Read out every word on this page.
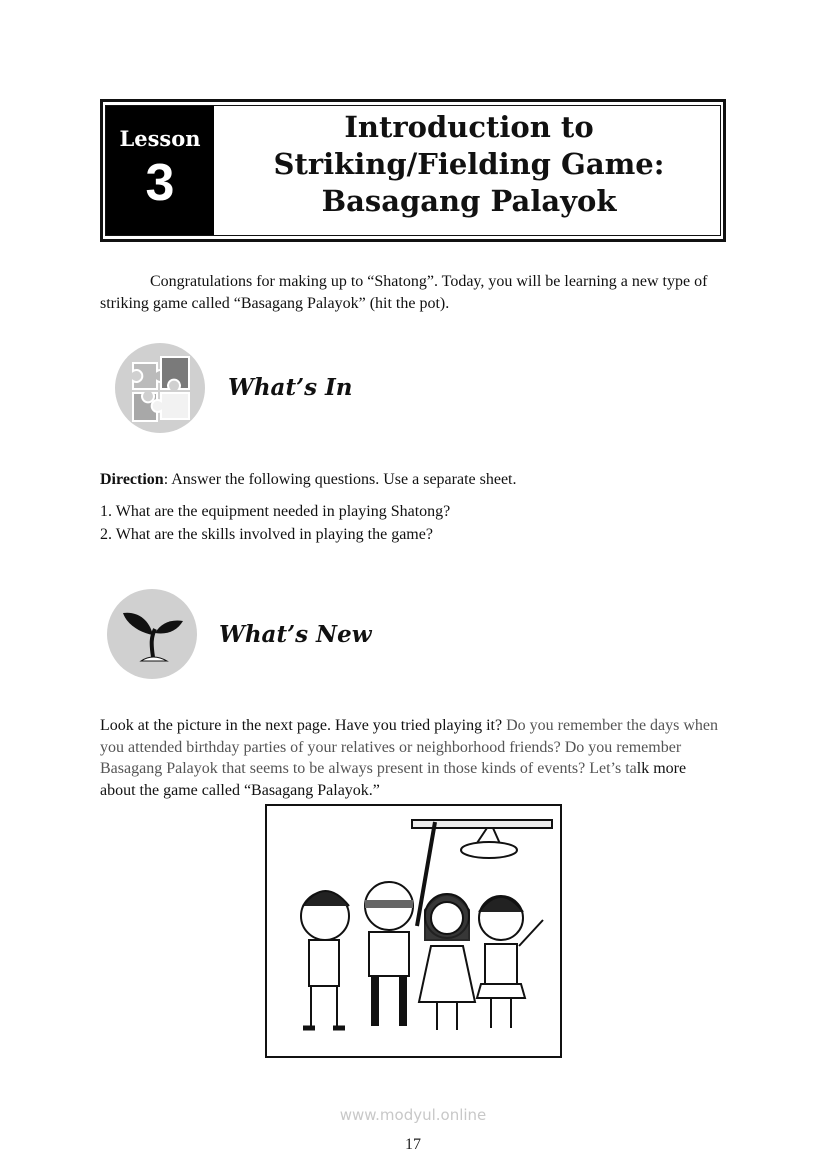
Lesson
3
Introduction to
Striking/Fielding Game:
Basagang Palayok
Congratulations for making up to “Shatong”. Today, you will be learning a new type of striking game called “Basagang Palayok” (hit the pot).
What’s In
Direction: Answer the following questions. Use a separate sheet.
1. What are the equipment needed in playing Shatong?
2. What are the skills involved in playing the game?
What’s New
Look at the picture in the next page. Have you tried playing it? Do you remember the days when you attended birthday parties of your relatives or neighborhood friends? Do you remember Basagang Palayok that seems to be always present in those kinds of events? Let’s talk more about the game called “Basagang Palayok.”
www.modyul.online
17
